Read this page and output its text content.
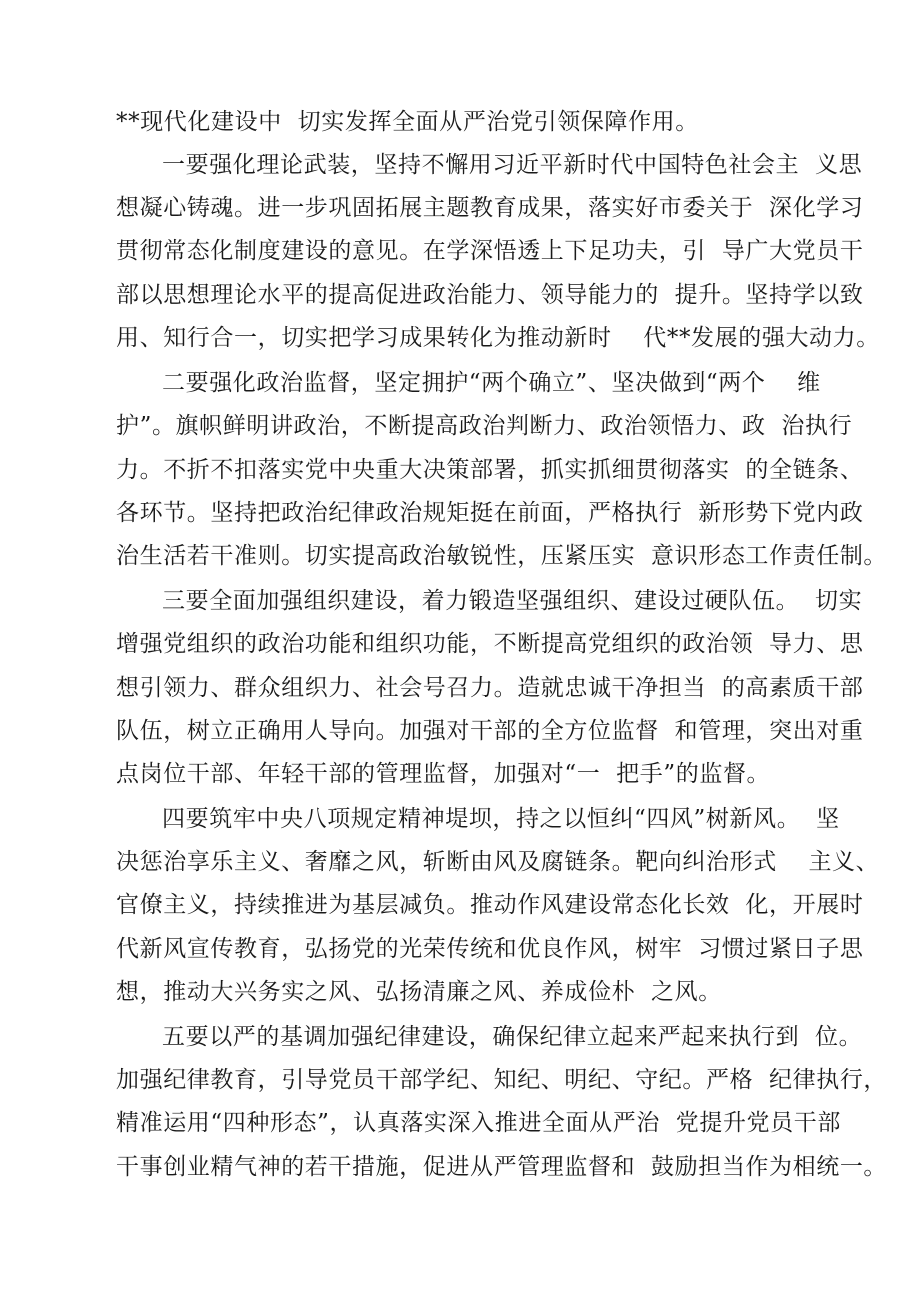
**现代化建设中  切实发挥全面从严治党引领保障作用。

一要强化理论武装，坚持不懈用习近平新时代中国特色社会主  义思

想凝心铸魂。进一步巩固拓展主题教育成果，落实好市委关于  深化学习

贯彻常态化制度建设的意见。在学深悟透上下足功夫，引  导广大党员干

部以思想理论水平的提高促进政治能力、领导能力的  提升。坚持学以致

用、知行合一，切实把学习成果转化为推动新时    代**发展的强大动力。

二要强化政治监督，坚定拥护“两个确立”、坚决做到“两个    维

护”。旗帜鲜明讲政治，不断提高政治判断力、政治领悟力、政  治执行

力。不折不扣落实党中央重大决策部署，抓实抓细贯彻落实  的全链条、

各环节。坚持把政治纪律政治规矩挺在前面，严格执行  新形势下党内政

治生活若干准则。切实提高政治敏锐性，压紧压实  意识形态工作责任制。

三要全面加强组织建设，着力锻造坚强组织、建设过硬队伍。  切实

增强党组织的政治功能和组织功能，不断提高党组织的政治领  导力、思

想引领力、群众组织力、社会号召力。造就忠诚干净担当  的高素质干部

队伍，树立正确用人导向。加强对干部的全方位监督  和管理，突出对重

点岗位干部、年轻干部的管理监督，加强对“一  把手”的监督。

四要筑牢中央八项规定精神堤坝，持之以恒纠“四风”树新风。  坚

决惩治享乐主义、奢靡之风，斩断由风及腐链条。靶向纠治形式    主义、

官僚主义，持续推进为基层减负。推动作风建设常态化长效  化，开展时

代新风宣传教育，弘扬党的光荣传统和优良作风，树牢  习惯过紧日子思

想，推动大兴务实之风、弘扬清廉之风、养成俭朴  之风。

五要以严的基调加强纪律建设，确保纪律立起来严起来执行到  位。

加强纪律教育，引导党员干部学纪、知纪、明纪、守纪。严格  纪律执行，

精准运用“四种形态”，认真落实深入推进全面从严治  党提升党员干部

干事创业精气神的若干措施，促进从严管理监督和  鼓励担当作为相统一。
